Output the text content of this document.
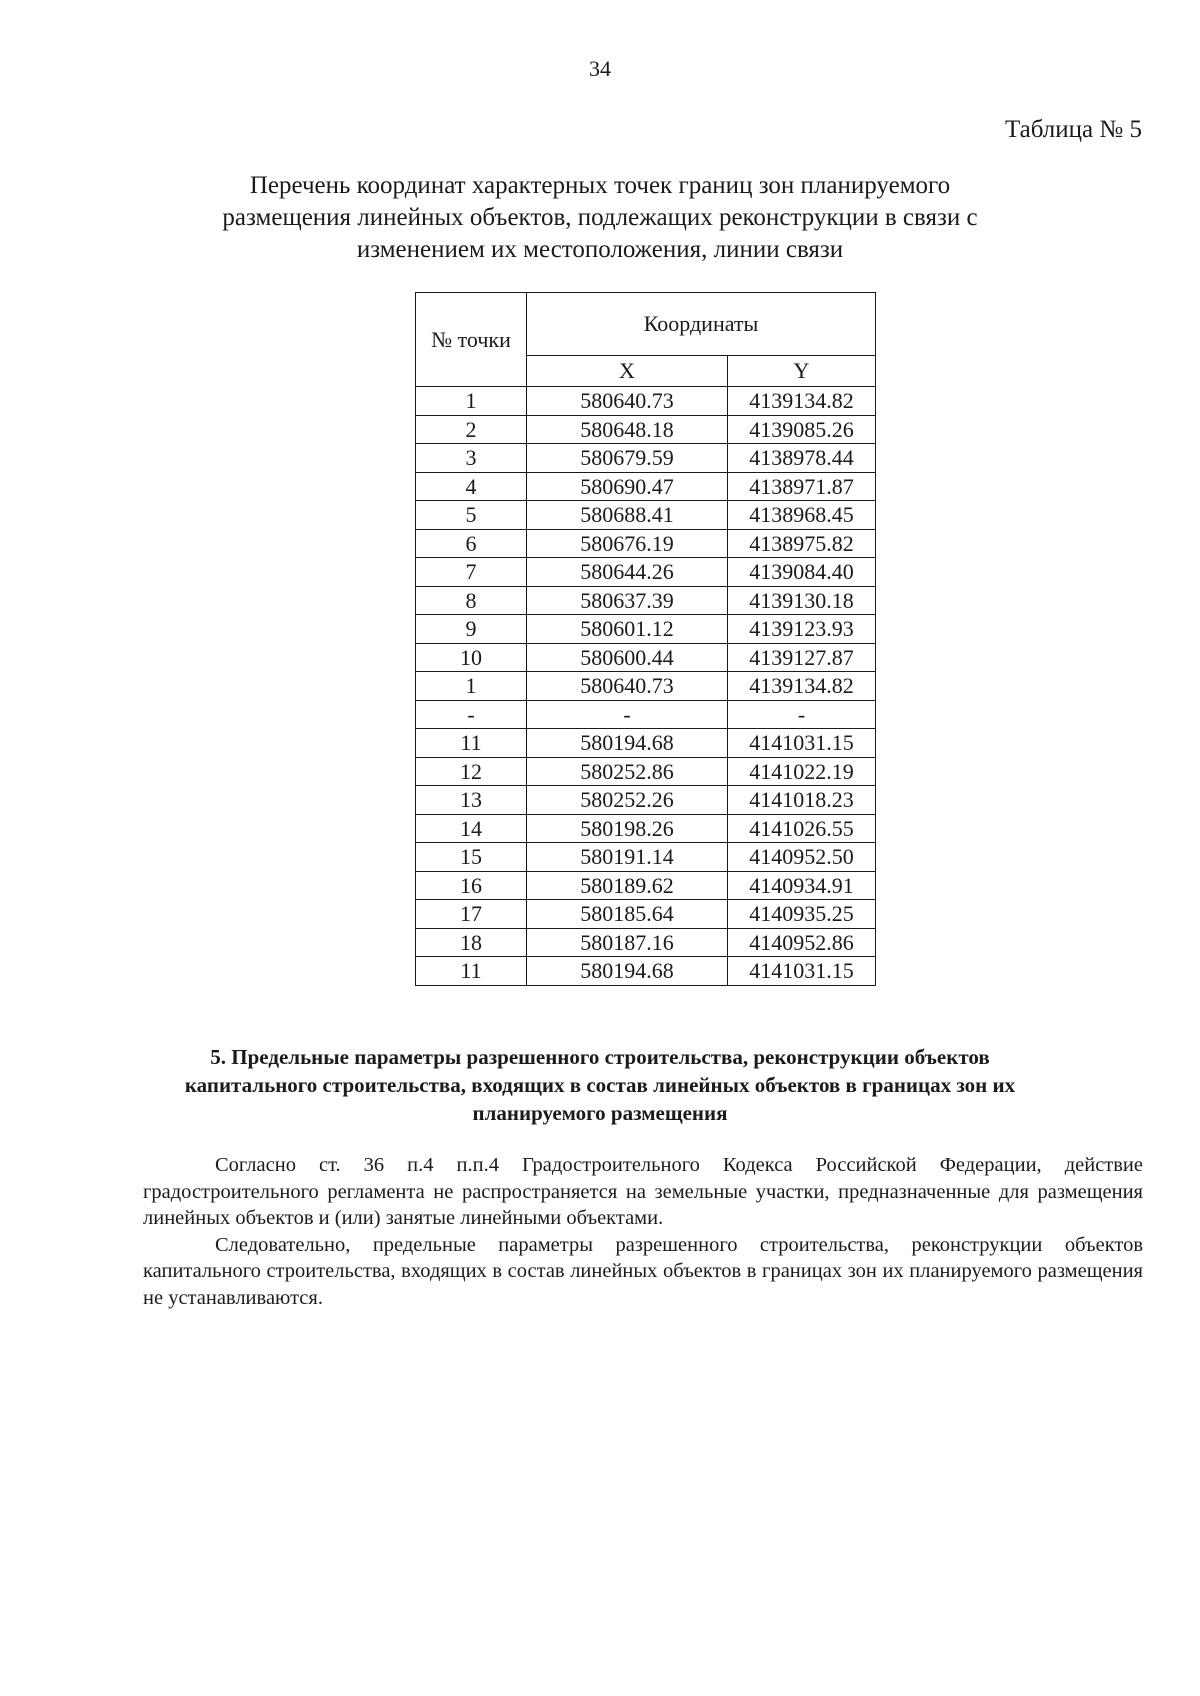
34
Таблица № 5
Перечень координат характерных точек границ зон планируемого
размещения линейных объектов, подлежащих реконструкции в связи с
изменением их местоположения, линии связи
№ точки	Координаты	
	X	Y
1	580640.73	4139134.82
2	580648.18	4139085.26
3	580679.59	4138978.44
4	580690.47	4138971.87
5	580688.41	4138968.45
6	580676.19	4138975.82
7	580644.26	4139084.40
8	580637.39	4139130.18
9	580601.12	4139123.93
10	580600.44	4139127.87
1	580640.73	4139134.82
-	-	-
11	580194.68	4141031.15
12	580252.86	4141022.19
13	580252.26	4141018.23
14	580198.26	4141026.55
15	580191.14	4140952.50
16	580189.62	4140934.91
17	580185.64	4140935.25
18	580187.16	4140952.86
11	580194.68	4141031.15
5. Предельные параметры разрешенного строительства, реконструкции объектов
капитального строительства, входящих в состав линейных объектов в границах зон их
планируемого размещения

Согласно ст. 36 п.4 п.п.4 Градостроительного Кодекса Российской Федерации, действие градостроительного регламента не распространяется на земельные участки, предназначенные для размещения линейных объектов и (или) занятые линейными объектами.

Следовательно, предельные параметры разрешенного строительства, реконструкции объектов капитального строительства, входящих в состав линейных объектов в границах зон их планируемого размещения не устанавливаются.
